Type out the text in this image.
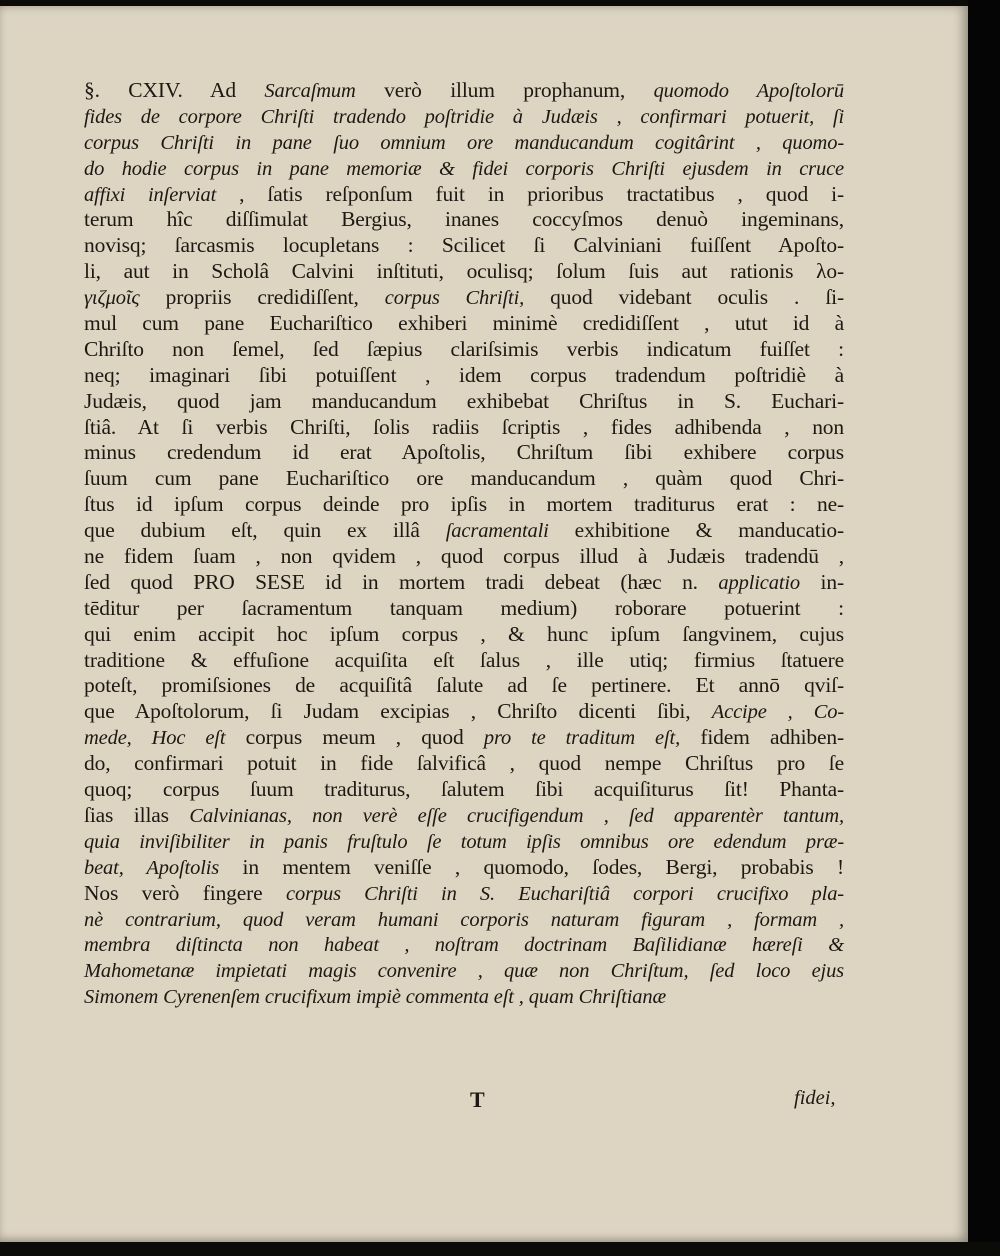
§. CXIV. Ad Sarcaſmum verò illum prophanum, quomodo Apoſtolorū
fides de corpore Chriſti tradendo poſtridie à Judæis , confirmari potuerit, ſi
corpus Chriſti in pane ſuo omnium ore manducandum cogitârint , quomo-
do hodie corpus in pane memoriæ & fidei corporis Chriſti ejusdem in cruce
affixi inſerviat , ſatis reſponſum fuit in prioribus tractatibus , quod i-
terum hîc diſſimulat Bergius, inanes coccyſmos denuò ingeminans,
novisq; ſarcasmis locupletans : Scilicet ſi Calviniani fuiſſent Apoſto-
li, aut in Scholâ Calvini inſtituti, oculisq; ſolum ſuis aut rationis λο-
γιζμοῖς propriis credidiſſent, corpus Chriſti, quod videbant oculis . ſi-
mul cum pane Euchariſtico exhiberi minimè credidiſſent , utut id à
Chriſto non ſemel, ſed ſæpius clariſsimis verbis indicatum fuiſſet :
neq; imaginari ſibi potuiſſent , idem corpus tradendum poſtridiè à
Judæis, quod jam manducandum exhibebat Chriſtus in S. Euchari-
ſtiâ. At ſi verbis Chriſti, ſolis radiis ſcriptis , fides adhibenda , non
minus credendum id erat Apoſtolis, Chriſtum ſibi exhibere corpus
ſuum cum pane Euchariſtico ore manducandum , quàm quod Chri-
ſtus id ipſum corpus deinde pro ipſis in mortem traditurus erat : ne-
que dubium eſt, quin ex illâ ſacramentali exhibitione & manducatio-
ne fidem ſuam , non qvidem , quod corpus illud à Judæis tradendū ,
ſed quod PRO SESE id in mortem tradi debeat (hæc n. applicatio in-
tēditur per ſacramentum tanquam medium) roborare potuerint :
qui enim accipit hoc ipſum corpus , & hunc ipſum ſangvinem, cujus
traditione & effuſione acquiſita eſt ſalus , ille utiq; firmius ſtatuere
poteſt, promiſsiones de acquiſitâ ſalute ad ſe pertinere. Et annō qviſ-
que Apoſtolorum, ſi Judam excipias , Chriſto dicenti ſibi, Accipe , Co-
mede, Hoc eſt corpus meum , quod pro te traditum eſt, fidem adhiben-
do, confirmari potuit in fide ſalvificâ , quod nempe Chriſtus pro ſe
quoq; corpus ſuum traditurus, ſalutem ſibi acquiſiturus ſit! Phanta-
ſias illas Calvinianas, non verè eſſe crucifigendum , ſed apparentèr tantum,
quia inviſibiliter in panis fruſtulo ſe totum ipſis omnibus ore edendum præ-
beat, Apoſtolis in mentem veniſſe , quomodo, ſodes, Bergi, probabis !
Nos verò fingere corpus Chriſti in S. Euchariſtiâ corpori crucifixo pla-
nè contrarium, quod veram humani corporis naturam figuram , formam ,
membra diſtincta non habeat , noſtram doctrinam Baſilidianæ hæreſi &
Mahometanæ impietati magis convenire , quæ non Chriſtum, ſed loco ejus
Simonem Cyrenenſem crucifixum impiè commenta eſt , quam Chriſtianæ
T	fidei,
